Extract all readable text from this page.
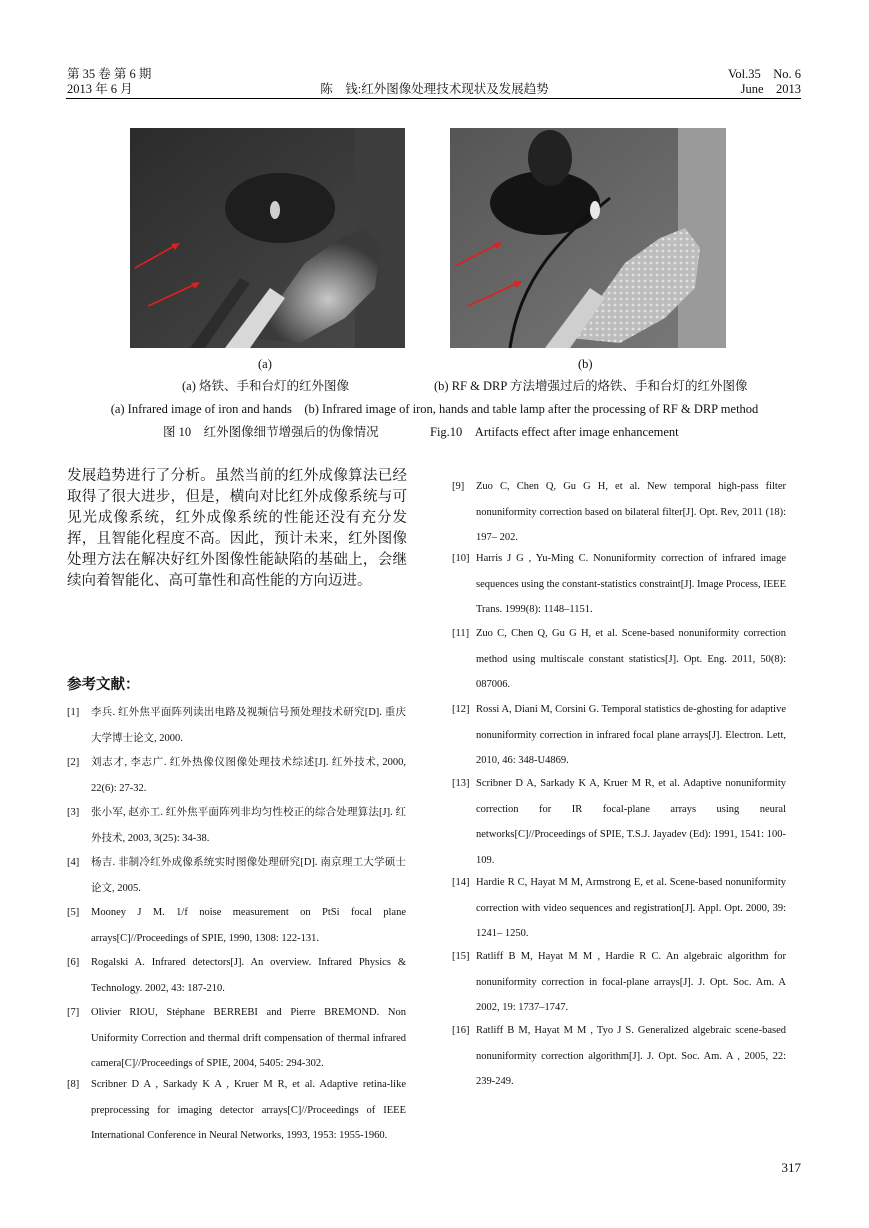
第 35 卷 第 6 期
2013 年 6 月	陈　钱:红外图像处理技术现状及发展趋势
Vol.35　No. 6
June　2013
(a)	(b)
(a) 烙铁、手和台灯的红外图像	(b) RF & DRP 方法增强过后的烙铁、手和台灯的红外图像
(a) Infrared image of iron and hands　(b) Infrared image of iron, hands and table lamp after the processing of RF & DRP method
图 10　红外图像细节增强后的伪像情况	Fig.10　Artifacts effect after image enhancement
发展趋势进行了分析。虽然当前的红外成像算法已经取得了很大进步，但是，横向对比红外成像系统与可见光成像系统，红外成像系统的性能还没有充分发挥，且智能化程度不高。因此，预计未来，红外图像处理方法在解决好红外图像性能缺陷的基础上，会继续向着智能化、高可靠性和高性能的方向迈进。
参考文献：
[1] 李兵. 红外焦平面阵列读出电路及视频信号预处理技术研究[D]. 重庆大学博士论文, 2000.
[2] 刘志才, 李志广. 红外热像仪图像处理技术综述[J]. 红外技术, 2000, 22(6): 27-32.
[3] 张小军, 赵亦工. 红外焦平面阵列非均匀性校正的综合处理算法[J]. 红外技术, 2003, 3(25): 34-38.
[4] 杨吉. 非制冷红外成像系统实时图像处理研究[D]. 南京理工大学硕士论文, 2005.
[5] Mooney J M. 1/f noise measurement on PtSi focal plane arrays[C]//Proceedings of SPIE, 1990, 1308: 122-131.
[6] Rogalski A. Infrared detectors[J]. An overview. Infrared Physics & Technology. 2002, 43: 187-210.
[7] Olivier RIOU, Stéphane BERREBI and Pierre BREMOND. Non Uniformity Correction and thermal drift compensation of thermal infrared camera[C]//Proceedings of SPIE, 2004, 5405: 294-302.
[8] Scribner D A , Sarkady K A , Kruer M R, et al. Adaptive retina-like preprocessing for imaging detector arrays[C]//Proceedings of IEEE International Conference in Neural Networks, 1993, 1953: 1955-1960.
[9] Zuo C, Chen Q, Gu G H, et al. New temporal high-pass filter nonuniformity correction based on bilateral filter[J]. Opt. Rev, 2011 (18): 197– 202.
[10] Harris J G , Yu-Ming C. Nonuniformity correction of infrared image sequences using the constant-statistics constraint[J]. Image Process, IEEE Trans. 1999(8): 1148–1151.
[11] Zuo C, Chen Q, Gu G H, et al. Scene-based nonuniformity correction method using multiscale constant statistics[J]. Opt. Eng. 2011, 50(8): 087006.
[12] Rossi A, Diani M, Corsini G. Temporal statistics de-ghosting for adaptive nonuniformity correction in infrared focal plane arrays[J]. Electron. Lett, 2010, 46: 348-U4869.
[13] Scribner D A, Sarkady K A, Kruer M R, et al. Adaptive nonuniformity correction for IR focal-plane arrays using neural networks[C]//Proceedings of SPIE, T.S.J. Jayadev (Ed): 1991, 1541: 100-109.
[14] Hardie R C, Hayat M M, Armstrong E, et al. Scene-based nonuniformity correction with video sequences and registration[J]. Appl. Opt. 2000, 39: 1241– 1250.
[15] Ratliff B M, Hayat M M , Hardie R C. An algebraic algorithm for nonuniformity correction in focal-plane arrays[J]. J. Opt. Soc. Am. A 2002, 19: 1737–1747.
[16] Ratliff B M, Hayat M M , Tyo J S. Generalized algebraic scene-based nonuniformity correction algorithm[J]. J. Opt. Soc. Am. A , 2005, 22: 239-249.
317
